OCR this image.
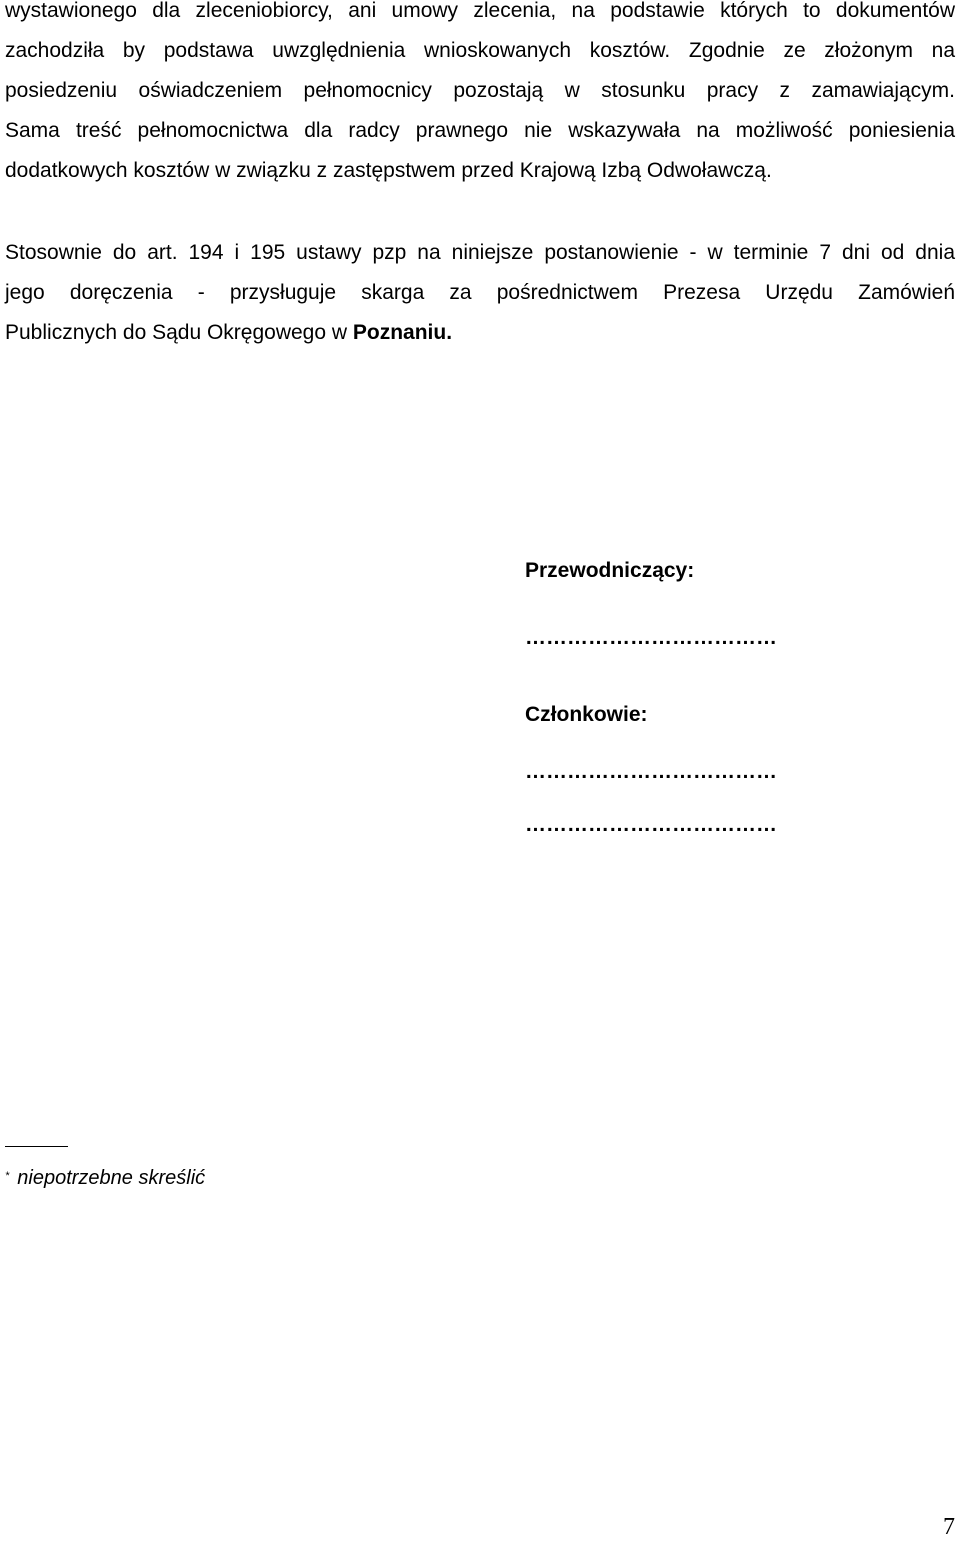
wystawionego dla zleceniobiorcy, ani umowy zlecenia, na podstawie których to dokumentów
zachodziła by podstawa uwzględnienia wnioskowanych kosztów. Zgodnie ze złożonym na
posiedzeniu oświadczeniem pełnomocnicy pozostają w stosunku pracy z zamawiającym.
Sama treść pełnomocnictwa dla radcy prawnego nie wskazywała na możliwość poniesienia
dodatkowych kosztów w związku z zastępstwem przed Krajową Izbą Odwoławczą.
Stosownie do art. 194 i 195 ustawy pzp na niniejsze postanowienie - w terminie 7 dni od dnia
jego doręczenia - przysługuje skarga za pośrednictwem Prezesa Urzędu Zamówień
Publicznych do Sądu Okręgowego w Poznaniu.
Przewodniczący:
………………………………
Członkowie:
………………………………
………………………………
* niepotrzebne skreślić
7
